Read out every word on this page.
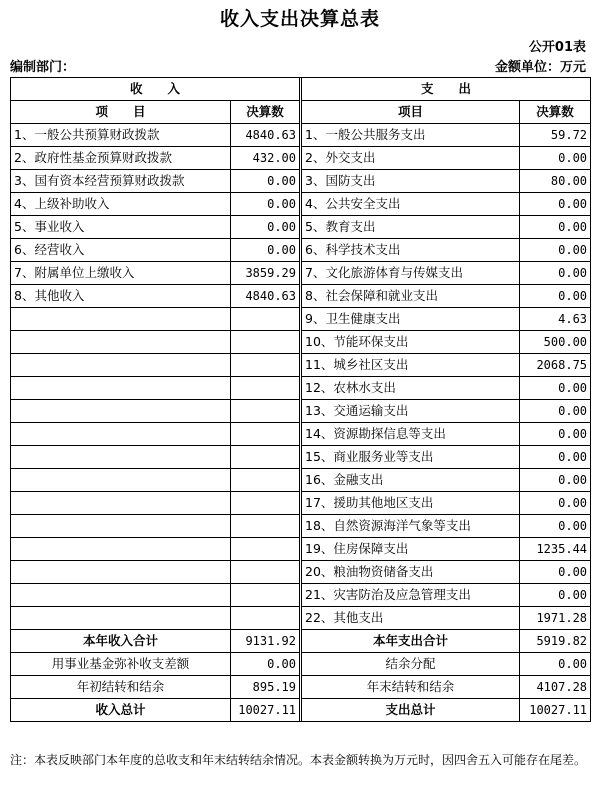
收入支出决算总表
公开01表
编制部门：	金额单位：万元
收　　入			支　　出	
项　　目	决算数		项目	决算数
1、一般公共预算财政拨款	4840.63		1、一般公共服务支出	59.72
2、政府性基金预算财政拨款	432.00		2、外交支出	0.00
3、国有资本经营预算财政拨款	0.00		3、国防支出	80.00
4、上级补助收入	0.00		4、公共安全支出	0.00
5、事业收入	0.00		5、教育支出	0.00
6、经营收入	0.00		6、科学技术支出	0.00
7、附属单位上缴收入	3859.29		7、文化旅游体育与传媒支出	0.00
8、其他收入	4840.63		8、社会保障和就业支出	0.00
			9、卫生健康支出	4.63
			10、节能环保支出	500.00
			11、城乡社区支出	2068.75
			12、农林水支出	0.00
			13、交通运输支出	0.00
			14、资源勘探信息等支出	0.00
			15、商业服务业等支出	0.00
			16、金融支出	0.00
			17、援助其他地区支出	0.00
			18、自然资源海洋气象等支出	0.00
			19、住房保障支出	1235.44
			20、粮油物资储备支出	0.00
			21、灾害防治及应急管理支出	0.00
			22、其他支出	1971.28
本年收入合计	9131.92		本年支出合计	5919.82
用事业基金弥补收支差额	0.00		结余分配	0.00
年初结转和结余	895.19		年末结转和结余	4107.28
收入总计	10027.11		支出总计	10027.11
注：本表反映部门本年度的总收支和年末结转结余情况。本表金额转换为万元时，因四舍五入可能存在尾差。
